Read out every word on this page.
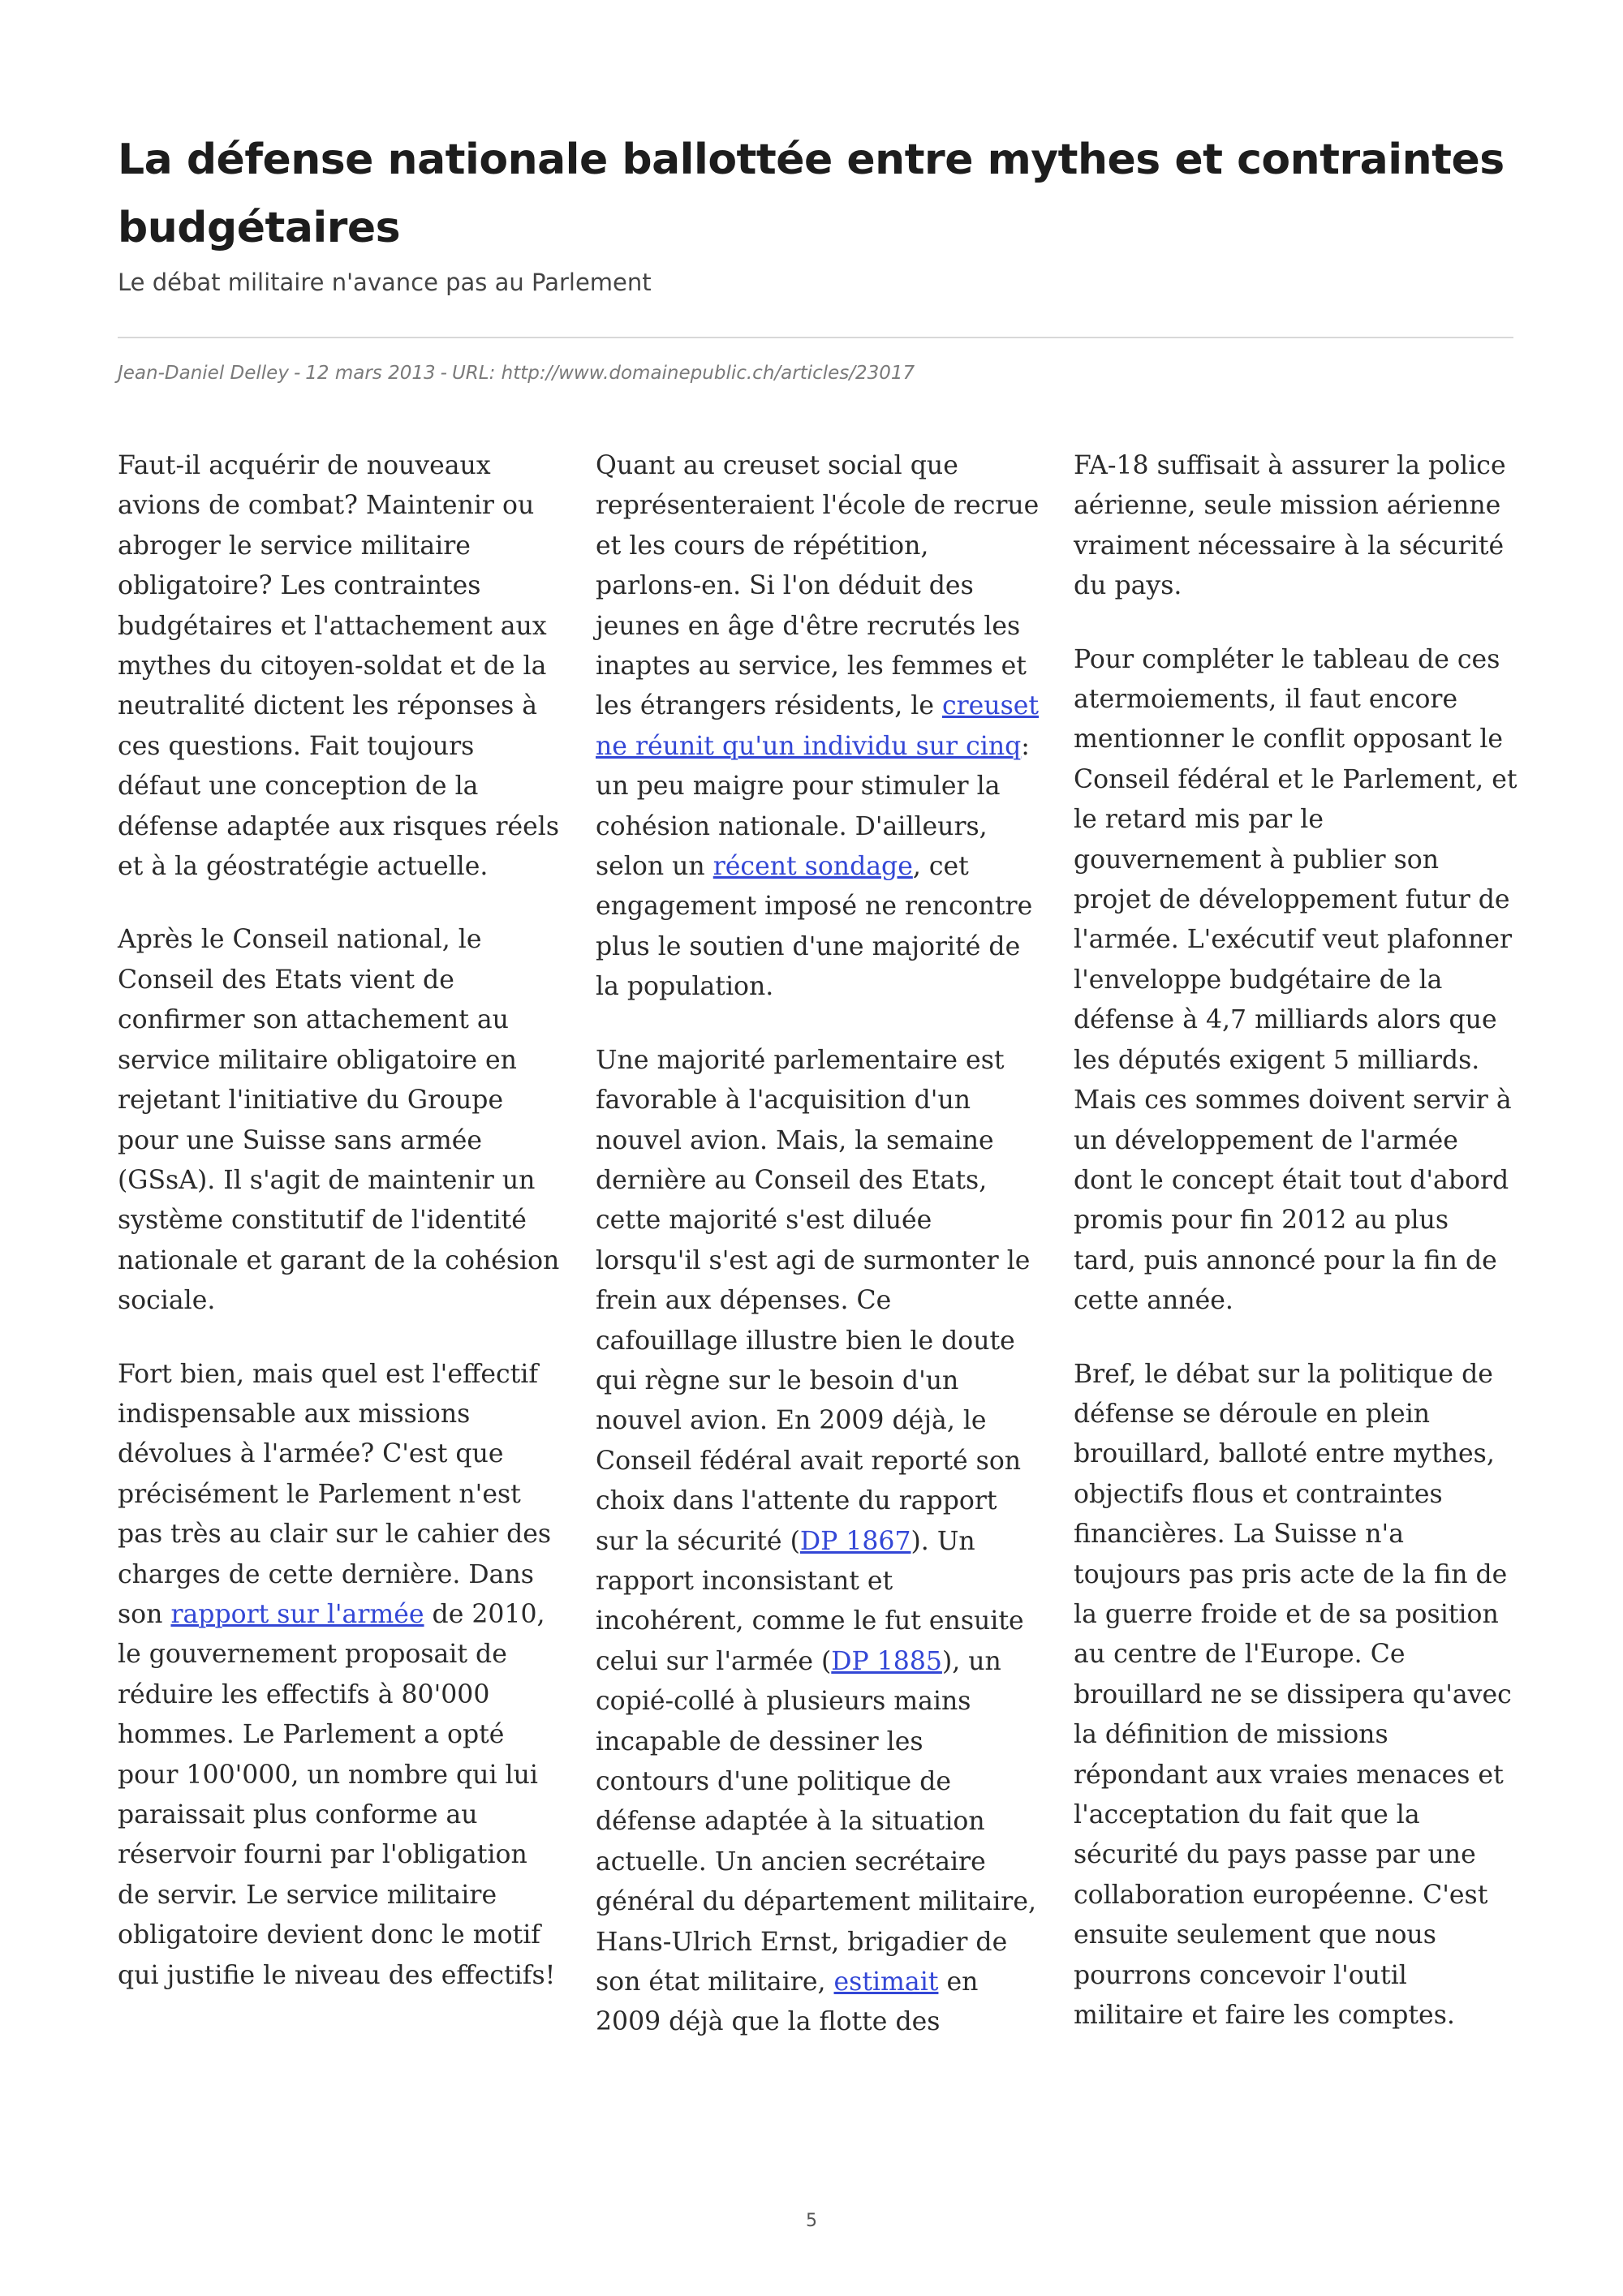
La défense nationale ballottée entre mythes et contraintes budgétaires
Le débat militaire n'avance pas au Parlement
Jean-Daniel Delley - 12 mars 2013 - URL: http://www.domainepublic.ch/articles/23017

Faut-il acquérir de nouveaux avions de combat? Maintenir ou abroger le service militaire obligatoire? Les contraintes budgétaires et l'attachement aux mythes du citoyen-soldat et de la neutralité dictent les réponses à ces questions. Fait toujours défaut une conception de la défense adaptée aux risques réels et à la géostratégie actuelle.

Après le Conseil national, le Conseil des Etats vient de confirmer son attachement au service militaire obligatoire en rejetant l'initiative du Groupe pour une Suisse sans armée (GSsA). Il s'agit de maintenir un système constitutif de l'identité nationale et garant de la cohésion sociale.

Fort bien, mais quel est l'effectif indispensable aux missions dévolues à l'armée? C'est que précisément le Parlement n'est pas très au clair sur le cahier des charges de cette dernière. Dans son rapport sur l'armée de 2010, le gouvernement proposait de réduire les effectifs à 80'000 hommes. Le Parlement a opté pour 100'000, un nombre qui lui paraissait plus conforme au réservoir fourni par l'obligation de servir. Le service militaire obligatoire devient donc le motif qui justifie le niveau des effectifs!

Quant au creuset social que représenteraient l'école de recrue et les cours de répétition, parlons-en. Si l'on déduit des jeunes en âge d'être recrutés les inaptes au service, les femmes et les étrangers résidents, le creuset ne réunit qu'un individu sur cinq: un peu maigre pour stimuler la cohésion nationale. D'ailleurs, selon un récent sondage, cet engagement imposé ne rencontre plus le soutien d'une majorité de la population.

Une majorité parlementaire est favorable à l'acquisition d'un nouvel avion. Mais, la semaine dernière au Conseil des Etats, cette majorité s'est diluée lorsqu'il s'est agi de surmonter le frein aux dépenses. Ce cafouillage illustre bien le doute qui règne sur le besoin d'un nouvel avion. En 2009 déjà, le Conseil fédéral avait reporté son choix dans l'attente du rapport sur la sécurité (DP 1867). Un rapport inconsistant et incohérent, comme le fut ensuite celui sur l'armée (DP 1885), un copié-collé à plusieurs mains incapable de dessiner les contours d'une politique de défense adaptée à la situation actuelle. Un ancien secrétaire général du département militaire, Hans-Ulrich Ernst, brigadier de son état militaire, estimait en 2009 déjà que la flotte des

FA-18 suffisait à assurer la police aérienne, seule mission aérienne vraiment nécessaire à la sécurité du pays.

Pour compléter le tableau de ces atermoiements, il faut encore mentionner le conflit opposant le Conseil fédéral et le Parlement, et le retard mis par le gouvernement à publier son projet de développement futur de l'armée. L'exécutif veut plafonner l'enveloppe budgétaire de la défense à 4,7 milliards alors que les députés exigent 5 milliards. Mais ces sommes doivent servir à un développement de l'armée dont le concept était tout d'abord promis pour fin 2012 au plus tard, puis annoncé pour la fin de cette année.

Bref, le débat sur la politique de défense se déroule en plein brouillard, balloté entre mythes, objectifs flous et contraintes financières. La Suisse n'a toujours pas pris acte de la fin de la guerre froide et de sa position au centre de l'Europe. Ce brouillard ne se dissipera qu'avec la définition de missions répondant aux vraies menaces et l'acceptation du fait que la sécurité du pays passe par une collaboration européenne. C'est ensuite seulement que nous pourrons concevoir l'outil militaire et faire les comptes.

5
